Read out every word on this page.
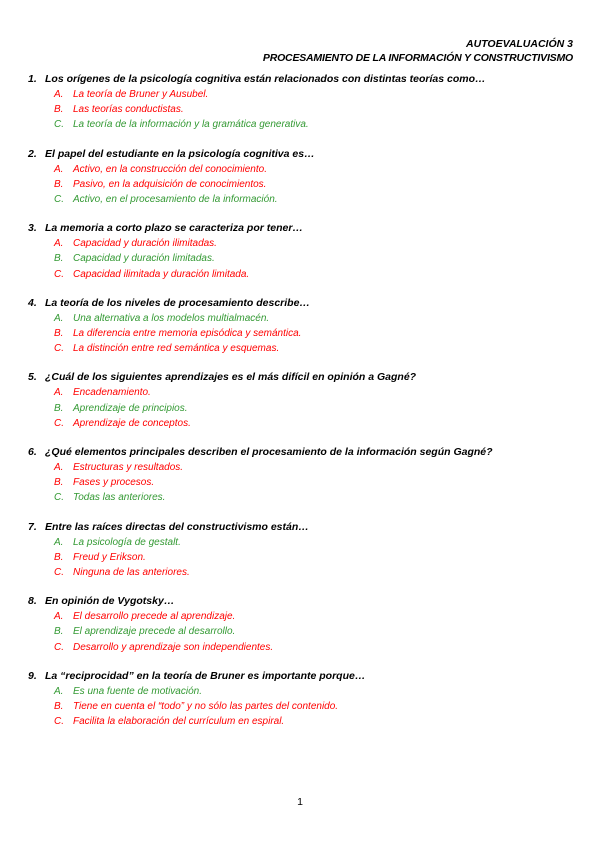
AUTOEVALUACIÓN 3
PROCESAMIENTO DE LA INFORMACIÓN Y CONSTRUCTIVISMO
1. Los orígenes de la psicología cognitiva están relacionados con distintas teorías como…
A. La teoría de Bruner y Ausubel.
B. Las teorías conductistas.
C. La teoría de la información y la gramática generativa.
2. El papel del estudiante en la psicología cognitiva es…
A. Activo, en la construcción del conocimiento.
B. Pasivo, en la adquisición de conocimientos.
C. Activo, en el procesamiento de la información.
3. La memoria a corto plazo se caracteriza por tener…
A. Capacidad y duración ilimitadas.
B. Capacidad y duración limitadas.
C. Capacidad ilimitada y duración limitada.
4. La teoría de los niveles de procesamiento describe…
A. Una alternativa a los modelos multialmacén.
B. La diferencia entre memoria episódica y semántica.
C. La distinción entre red semántica y esquemas.
5. ¿Cuál de los siguientes aprendizajes es el más difícil en opinión a Gagné?
A. Encadenamiento.
B. Aprendizaje de principios.
C. Aprendizaje de conceptos.
6. ¿Qué elementos principales describen el procesamiento de la información según Gagné?
A. Estructuras y resultados.
B. Fases y procesos.
C. Todas las anteriores.
7. Entre las raíces directas del constructivismo están…
A. La psicología de gestalt.
B. Freud y Erikson.
C. Ninguna de las anteriores.
8. En opinión de Vygotsky…
A. El desarrollo precede al aprendizaje.
B. El aprendizaje precede al desarrollo.
C. Desarrollo y aprendizaje son independientes.
9. La “reciprocidad” en la teoría de Bruner es importante porque…
A. Es una fuente de motivación.
B. Tiene en cuenta el “todo” y no sólo las partes del contenido.
C. Facilita la elaboración del currículum en espiral.
1
